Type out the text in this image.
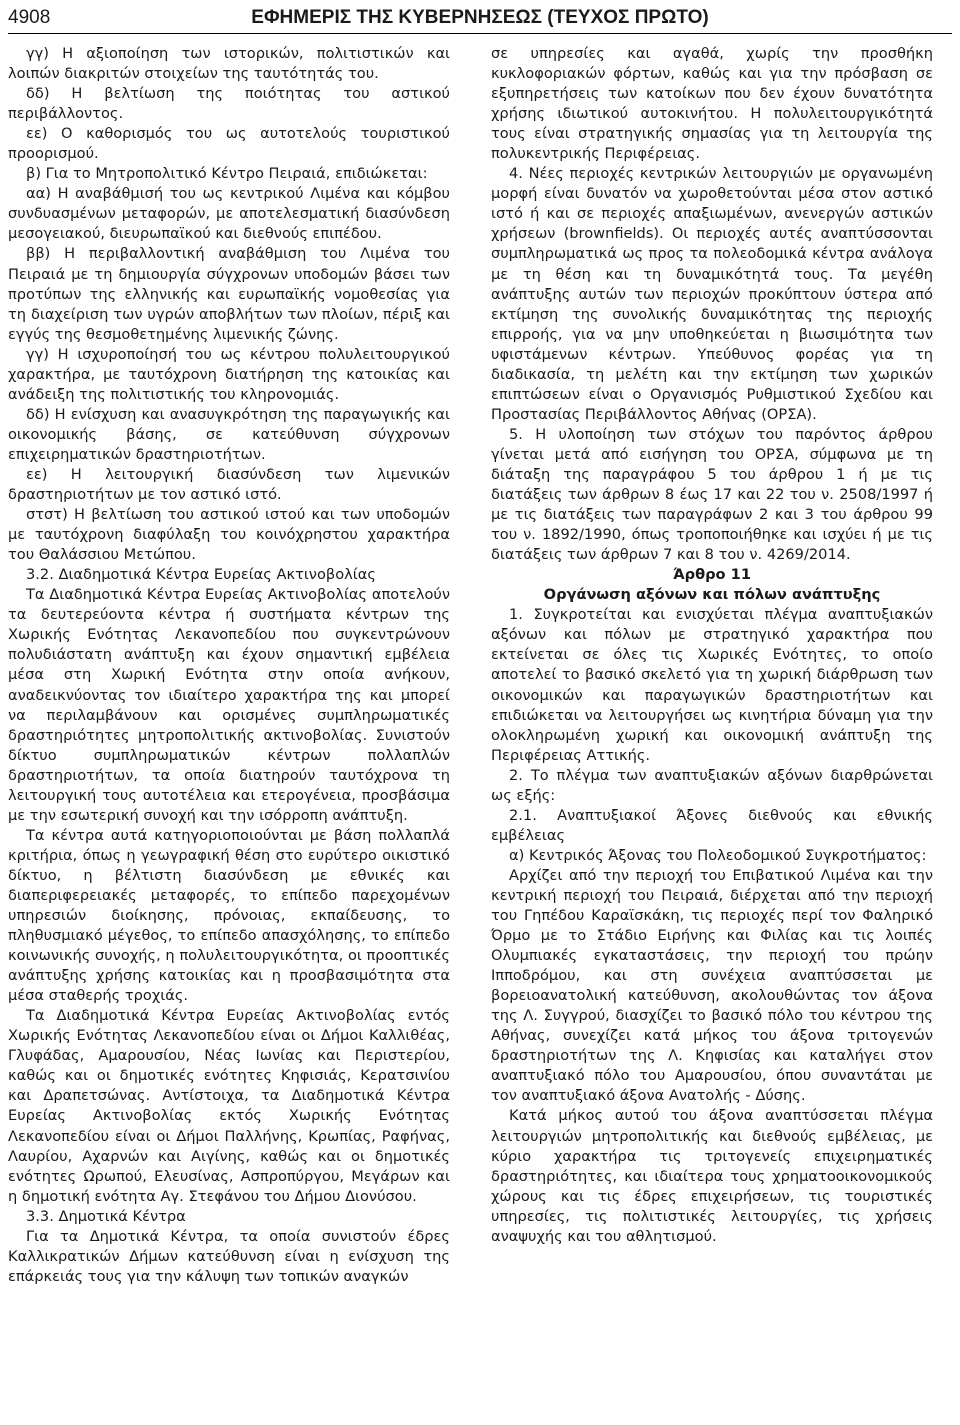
4908	ΕΦΗΜΕΡΙΣ ΤΗΣ ΚΥΒΕΡΝΗΣΕΩΣ (ΤΕΥΧΟΣ ΠΡΩΤΟ)

γγ) Η αξιοποίηση των ιστορικών, πολιτιστικών και λοιπών διακριτών στοιχείων της ταυτότητάς του.

δδ) Η βελτίωση της ποιότητας του αστικού περιβάλλοντος.

εε) Ο καθορισμός του ως αυτοτελούς τουριστικού προορισμού.

β) Για το Μητροπολιτικό Κέντρο Πειραιά, επιδιώκεται:

αα) Η αναβάθμισή του ως κεντρικού Λιμένα και κόμβου συνδυασμένων μεταφορών, με αποτελεσματική διασύνδεση μεσογειακού, διευρωπαϊκού και διεθνούς επιπέδου.

ββ) Η περιβαλλοντική αναβάθμιση του Λιμένα του Πειραιά με τη δημιουργία σύγχρονων υποδομών βάσει των προτύπων της ελληνικής και ευρωπαϊκής νομοθεσίας για τη διαχείριση των υγρών αποβλήτων των πλοίων, πέριξ και εγγύς της θεσμοθετημένης λιμενικής ζώνης.

γγ) Η ισχυροποίησή του ως κέντρου πολυλειτουργικού χαρακτήρα, με ταυτόχρονη διατήρηση της κατοικίας και ανάδειξη της πολιτιστικής του κληρονομιάς.

δδ) Η ενίσχυση και ανασυγκρότηση της παραγωγικής και οικονομικής βάσης, σε κατεύθυνση σύγχρονων επιχειρηματικών δραστηριοτήτων.

εε) Η λειτουργική διασύνδεση των λιμενικών δραστηριοτήτων με τον αστικό ιστό.

στστ) Η βελτίωση του αστικού ιστού και των υποδομών με ταυτόχρονη διαφύλαξη του κοινόχρηστου χαρακτήρα του Θαλάσσιου Μετώπου.

3.2. Διαδημοτικά Κέντρα Ευρείας Ακτινοβολίας

Τα Διαδημοτικά Κέντρα Ευρείας Ακτινοβολίας αποτελούν τα δευτερεύοντα κέντρα ή συστήματα κέντρων της Χωρικής Ενότητας Λεκανοπεδίου που συγκεντρώνουν πολυδιάστατη ανάπτυξη και έχουν σημαντική εμβέλεια μέσα στη Χωρική Ενότητα στην οποία ανήκουν, αναδεικνύοντας τον ιδιαίτερο χαρακτήρα της και μπορεί να περιλαμβάνουν και ορισμένες συμπληρωματικές δραστηριότητες μητροπολιτικής ακτινοβολίας. Συνιστούν δίκτυο συμπληρωματικών κέντρων πολλαπλών δραστηριοτήτων, τα οποία διατηρούν ταυτόχρονα τη λειτουργική τους αυτοτέλεια και ετερογένεια, προσβάσιμα με την εσωτερική συνοχή και την ισόρροπη ανάπτυξη.

Τα κέντρα αυτά κατηγοριοποιούνται με βάση πολλαπλά κριτήρια, όπως η γεωγραφική θέση στο ευρύτερο οικιστικό δίκτυο, η βέλτιστη διασύνδεση με εθνικές και διαπεριφερειακές μεταφορές, το επίπεδο παρεχομένων υπηρεσιών διοίκησης, πρόνοιας, εκπαίδευσης, το πληθυσμιακό μέγεθος, το επίπεδο απασχόλησης, το επίπεδο κοινωνικής συνοχής, η πολυλειτουργικότητα, οι προοπτικές ανάπτυξης χρήσης κατοικίας και η προσβασιμότητα στα μέσα σταθερής τροχιάς.

Τα Διαδημοτικά Κέντρα Ευρείας Ακτινοβολίας εντός Χωρικής Ενότητας Λεκανοπεδίου είναι οι Δήμοι Καλλιθέας, Γλυφάδας, Αμαρουσίου, Νέας Ιωνίας και Περιστερίου, καθώς και οι δημοτικές ενότητες Κηφισιάς, Κερατσινίου και Δραπετσώνας. Αντίστοιχα, τα Διαδημοτικά Κέντρα Ευρείας Ακτινοβολίας εκτός Χωρικής Ενότητας Λεκανοπεδίου είναι οι Δήμοι Παλλήνης, Κρωπίας, Ραφήνας, Λαυρίου, Αχαρνών και Αιγίνης, καθώς και οι δημοτικές ενότητες Ωρωπού, Ελευσίνας, Ασπροπύργου, Μεγάρων και η δημοτική ενότητα Αγ. Στεφάνου του Δήμου Διονύσου.

3.3. Δημοτικά Κέντρα

Για τα Δημοτικά Κέντρα, τα οποία συνιστούν έδρες Καλλικρατικών Δήμων κατεύθυνση είναι η ενίσχυση της επάρκειάς τους για την κάλυψη των τοπικών αναγκών

σε υπηρεσίες και αγαθά, χωρίς την προσθήκη κυκλοφοριακών φόρτων, καθώς και για την πρόσβαση σε εξυπηρετήσεις των κατοίκων που δεν έχουν δυνατότητα χρήσης ιδιωτικού αυτοκινήτου. Η πολυλειτουργικότητά τους είναι στρατηγικής σημασίας για τη λειτουργία της πολυκεντρικής Περιφέρειας.

4. Νέες περιοχές κεντρικών λειτουργιών με οργανωμένη μορφή είναι δυνατόν να χωροθετούνται μέσα στον αστικό ιστό ή και σε περιοχές απαξιωμένων, ανενεργών αστικών χρήσεων (brownfields). Οι περιοχές αυτές αναπτύσσονται συμπληρωματικά ως προς τα πολεοδομικά κέντρα ανάλογα με τη θέση και τη δυναμικότητά τους. Τα μεγέθη ανάπτυξης αυτών των περιοχών προκύπτουν ύστερα από εκτίμηση της συνολικής δυναμικότητας της περιοχής επιρροής, για να μην υποθηκεύεται η βιωσιμότητα των υφιστάμενων κέντρων. Υπεύθυνος φορέας για τη διαδικασία, τη μελέτη και την εκτίμηση των χωρικών επιπτώσεων είναι ο Οργανισμός Ρυθμιστικού Σχεδίου και Προστασίας Περιβάλλοντος Αθήνας (ΟΡΣΑ).

5. Η υλοποίηση των στόχων του παρόντος άρθρου γίνεται μετά από εισήγηση του ΟΡΣΑ, σύμφωνα με τη διάταξη της παραγράφου 5 του άρθρου 1 ή με τις διατάξεις των άρθρων 8 έως 17 και 22 του ν. 2508/1997 ή με τις διατάξεις των παραγράφων 2 και 3 του άρθρου 99 του ν. 1892/1990, όπως τροποποιήθηκε και ισχύει ή με τις διατάξεις των άρθρων 7 και 8 του ν. 4269/2014.

Άρθρο 11

Οργάνωση αξόνων και πόλων ανάπτυξης

1. Συγκροτείται και ενισχύεται πλέγμα αναπτυξιακών αξόνων και πόλων με στρατηγικό χαρακτήρα που εκτείνεται σε όλες τις Χωρικές Ενότητες, το οποίο αποτελεί το βασικό σκελετό για τη χωρική διάρθρωση των οικονομικών και παραγωγικών δραστηριοτήτων και επιδιώκεται να λειτουργήσει ως κινητήρια δύναμη για την ολοκληρωμένη χωρική και οικονομική ανάπτυξη της Περιφέρειας Αττικής.

2. Το πλέγμα των αναπτυξιακών αξόνων διαρθρώνεται ως εξής:

2.1. Αναπτυξιακοί Άξονες διεθνούς και εθνικής εμβέλειας

α) Κεντρικός Άξονας του Πολεοδομικού Συγκροτήματος:

Αρχίζει από την περιοχή του Επιβατικού Λιμένα και την κεντρική περιοχή του Πειραιά, διέρχεται από την περιοχή του Γηπέδου Καραϊσκάκη, τις περιοχές περί τον Φαληρικό Όρμο με το Στάδιο Ειρήνης και Φιλίας και τις λοιπές Ολυμπιακές εγκαταστάσεις, την περιοχή του πρώην Ιπποδρόμου, και στη συνέχεια αναπτύσσεται με βορειοανατολική κατεύθυνση, ακολουθώντας τον άξονα της Λ. Συγγρού, διασχίζει το βασικό πόλο του κέντρου της Αθήνας, συνεχίζει κατά μήκος του άξονα τριτογενών δραστηριοτήτων της Λ. Κηφισίας και καταλήγει στον αναπτυξιακό πόλο του Αμαρουσίου, όπου συναντάται με τον αναπτυξιακό άξονα Ανατολής - Δύσης.

Κατά μήκος αυτού του άξονα αναπτύσσεται πλέγμα λειτουργιών μητροπολιτικής και διεθνούς εμβέλειας, με κύριο χαρακτήρα τις τριτογενείς επιχειρηματικές δραστηριότητες, και ιδιαίτερα τους χρηματοοικονομικούς χώρους και τις έδρες επιχειρήσεων, τις τουριστικές υπηρεσίες, τις πολιτιστικές λειτουργίες, τις χρήσεις αναψυχής και του αθλητισμού.
